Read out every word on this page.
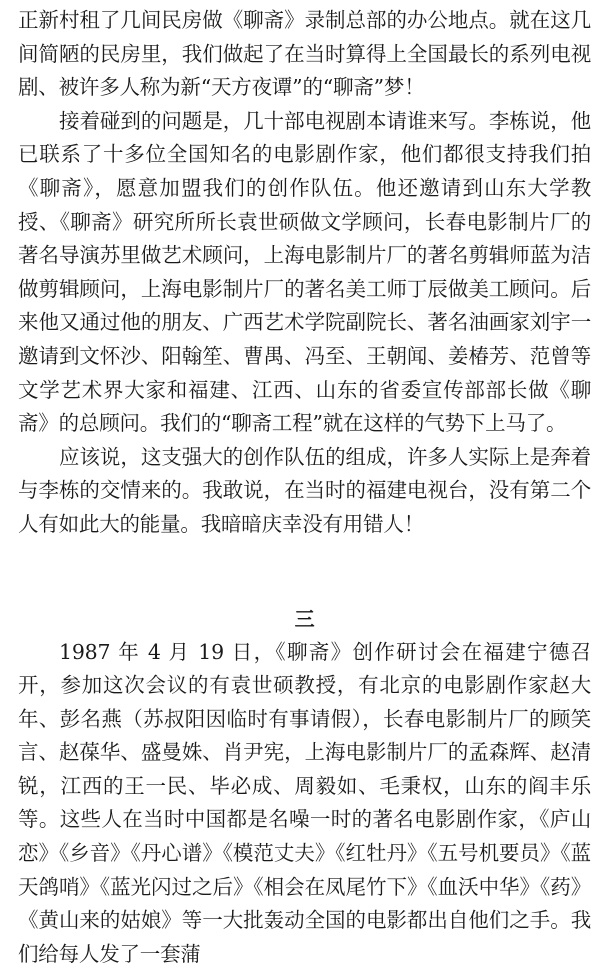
正新村租了几间民房做《聊斋》录制总部的办公地点。就在这几间简陋的民房里，我们做起了在当时算得上全国最长的系列电视剧、被许多人称为新“天方夜谭”的“聊斋”梦！

接着碰到的问题是，几十部电视剧本请谁来写。李栋说，他已联系了十多位全国知名的电影剧作家，他们都很支持我们拍《聊斋》，愿意加盟我们的创作队伍。他还邀请到山东大学教授、《聊斋》研究所所长袁世硕做文学顾问，长春电影制片厂的著名导演苏里做艺术顾问，上海电影制片厂的著名剪辑师蓝为洁做剪辑顾问，上海电影制片厂的著名美工师丁辰做美工顾问。后来他又通过他的朋友、广西艺术学院副院长、著名油画家刘宇一邀请到文怀沙、阳翰笙、曹禺、冯至、王朝闻、姜椿芳、范曾等文学艺术界大家和福建、江西、山东的省委宣传部部长做《聊斋》的总顾问。我们的“聊斋工程”就在这样的气势下上马了。

应该说，这支强大的创作队伍的组成，许多人实际上是奔着与李栋的交情来的。我敢说，在当时的福建电视台，没有第二个人有如此大的能量。我暗暗庆幸没有用错人！

三

1987 年 4 月 19 日，《聊斋》创作研讨会在福建宁德召开，参加这次会议的有袁世硕教授，有北京的电影剧作家赵大年、彭名燕（苏叔阳因临时有事请假），长春电影制片厂的顾笑言、赵葆华、盛曼姝、肖尹宪，上海电影制片厂的孟森辉、赵清锐，江西的王一民、毕必成、周毅如、毛秉权，山东的阎丰乐等。这些人在当时中国都是名噪一时的著名电影剧作家，《庐山恋》《乡音》《丹心谱》《模范丈夫》《红牡丹》《五号机要员》《蓝天鸽哨》《蓝光闪过之后》《相会在凤尾竹下》《血沃中华》《药》《黄山来的姑娘》等一大批轰动全国的电影都出自他们之手。我们给每人发了一套蒲
